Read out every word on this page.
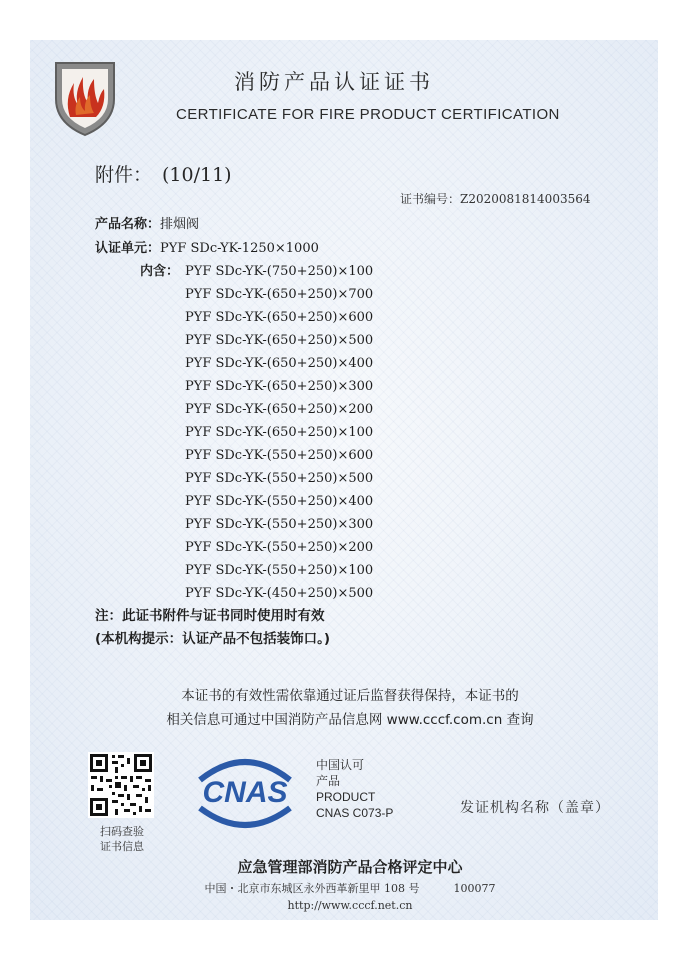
消防产品认证证书
CERTIFICATE FOR FIRE PRODUCT CERTIFICATION
附件： (10/11)
证书编号：Z2020081814003564
产品名称：排烟阀
认证单元：PYF SDc-YK-1250×1000
内含： PYF SDc-YK-(750+250)×100
PYF SDc-YK-(650+250)×700
PYF SDc-YK-(650+250)×600
PYF SDc-YK-(650+250)×500
PYF SDc-YK-(650+250)×400
PYF SDc-YK-(650+250)×300
PYF SDc-YK-(650+250)×200
PYF SDc-YK-(650+250)×100
PYF SDc-YK-(550+250)×600
PYF SDc-YK-(550+250)×500
PYF SDc-YK-(550+250)×400
PYF SDc-YK-(550+250)×300
PYF SDc-YK-(550+250)×200
PYF SDc-YK-(550+250)×100
PYF SDc-YK-(450+250)×500
注：此证书附件与证书同时使用时有效
(本机构提示：认证产品不包括装饰口。)
本证书的有效性需依靠通过证后监督获得保持，本证书的
相关信息可通过中国消防产品信息网 www.cccf.com.cn 查询
扫码查验
证书信息
CNAS
中国认可
产品
PRODUCT
CNAS C073-P	发证机构名称（盖章）
应急管理部消防产品合格评定中心
中国・北京市东城区永外西革新里甲 108 号	100077
http://www.cccf.net.cn
